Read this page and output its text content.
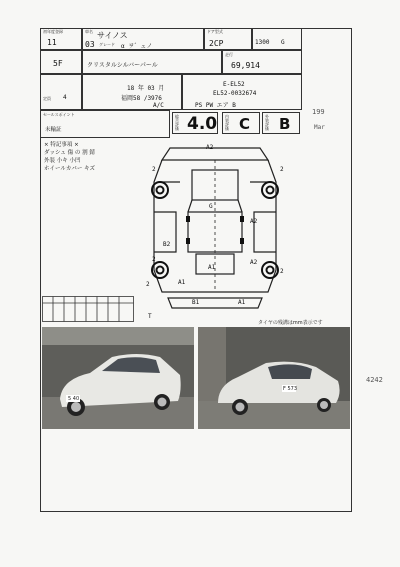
初年度登録
11
車名 サイノス
03 グレード α ヲ゛ュノ
ドア型式
2CP	1300 G
5F	クリスタルシルバーパール
走行
69,914
定員 4
18 年 03 月
福岡58 /3976
A/C
E-EL52
EL52-0032674
PS PW エア B
セールスポイント
未輸証
総合評価 4.0 内装評価 C	外装評価 B
× 特記事項 ×
ダッシュ 傷 の 割 錆
外装 小キ 小凹
ホイールカバー キズ
A2
2	2
G
A2
B2
A1
2	A2
2
A1
2
B1	A1
T
タイヤの残溝はmm表示です
5 40
F 573
199
Mar
4242
